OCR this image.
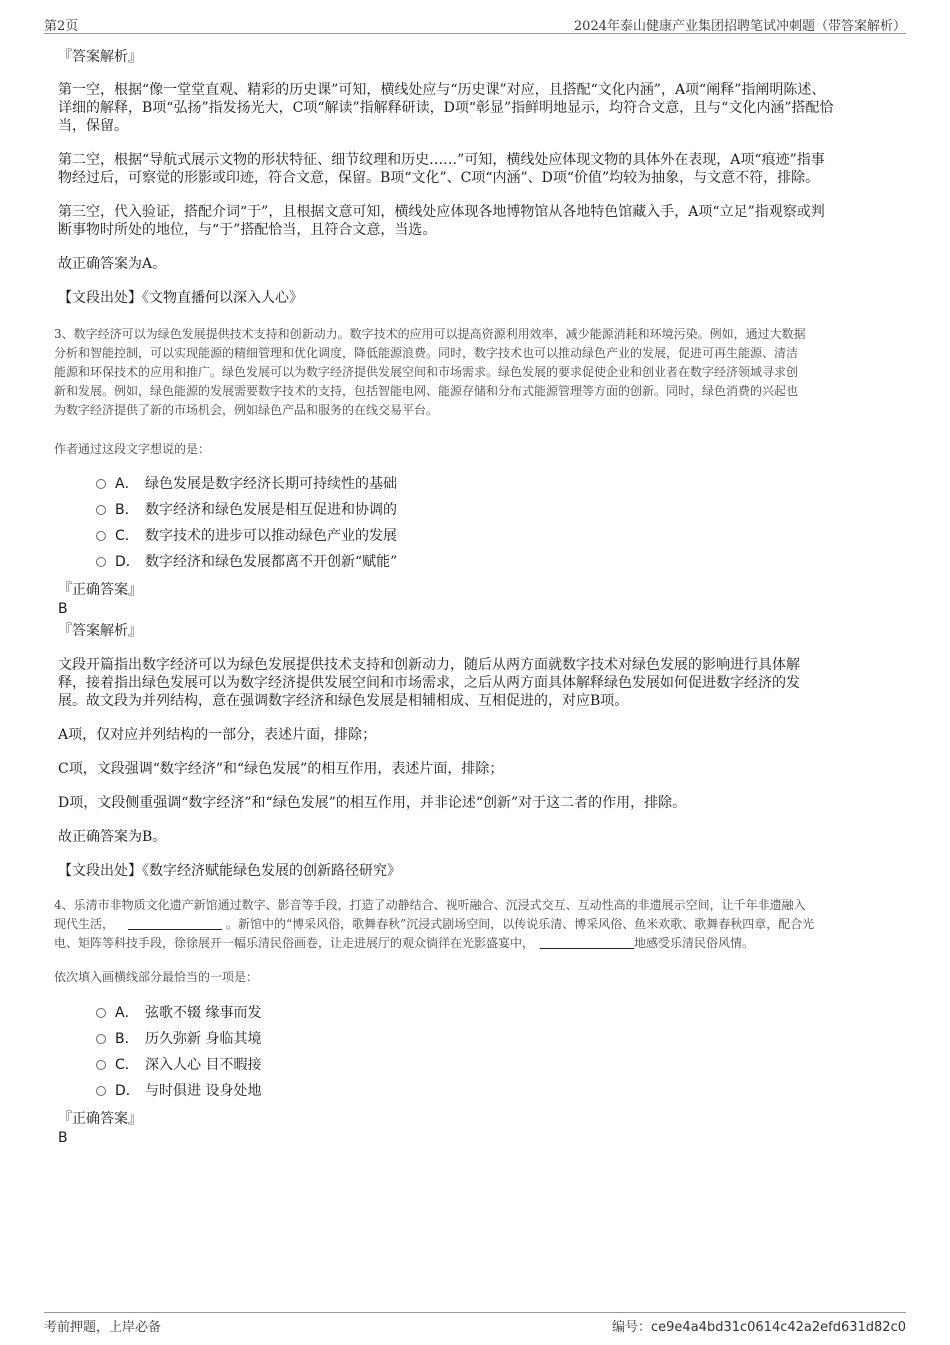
第2页	2024年泰山健康产业集团招聘笔试冲刺题（带答案解析）
『答案解析』
第一空，根据“像一堂堂直观、精彩的历史课”可知，横线处应与“历史课”对应，且搭配“文化内涵”，A项“阐释”指阐明陈述、
详细的解释，B项“弘扬”指发扬光大，C项“解读”指解释研读，D项“彰显”指鲜明地显示，均符合文意，且与“文化内涵”搭配恰
当，保留。
第二空，根据“导航式展示文物的形状特征、细节纹理和历史……”可知，横线处应体现文物的具体外在表现，A项“痕迹”指事
物经过后，可察觉的形影或印迹，符合文意，保留。B项“文化”、C项“内涵”、D项“价值”均较为抽象，与文意不符，排除。
第三空，代入验证，搭配介词“于”，且根据文意可知，横线处应体现各地博物馆从各地特色馆藏入手，A项“立足”指观察或判
断事物时所处的地位，与“于”搭配恰当，且符合文意，当选。
故正确答案为A。
【文段出处】《文物直播何以深入人心》
3、数字经济可以为绿色发展提供技术支持和创新动力。数字技术的应用可以提高资源利用效率，减少能源消耗和环境污染。例如，通过大数据
分析和智能控制，可以实现能源的精细管理和优化调度，降低能源浪费。同时，数字技术也可以推动绿色产业的发展，促进可再生能源、清洁
能源和环保技术的应用和推广。绿色发展可以为数字经济提供发展空间和市场需求。绿色发展的要求促使企业和创业者在数字经济领域寻求创
新和发展。例如，绿色能源的发展需要数字技术的支持，包括智能电网、能源存储和分布式能源管理等方面的创新。同时，绿色消费的兴起也
为数字经济提供了新的市场机会，例如绿色产品和服务的在线交易平台。
作者通过这段文字想说的是：
A． 绿色发展是数字经济长期可持续性的基础
B． 数字经济和绿色发展是相互促进和协调的
C． 数字技术的进步可以推动绿色产业的发展
D． 数字经济和绿色发展都离不开创新“赋能”
『正确答案』
B
『答案解析』
文段开篇指出数字经济可以为绿色发展提供技术支持和创新动力，随后从两方面就数字技术对绿色发展的影响进行具体解
释，接着指出绿色发展可以为数字经济提供发展空间和市场需求，之后从两方面具体解释绿色发展如何促进数字经济的发
展。故文段为并列结构，意在强调数字经济和绿色发展是相辅相成、互相促进的，对应B项。
A项，仅对应并列结构的一部分，表述片面，排除；
C项，文段强调“数字经济”和“绿色发展”的相互作用，表述片面，排除；
D项，文段侧重强调“数字经济”和“绿色发展”的相互作用，并非论述“创新”对于这二者的作用，排除。
故正确答案为B。
【文段出处】《数字经济赋能绿色发展的创新路径研究》
4、乐清市非物质文化遗产新馆通过数字、影音等手段，打造了动静结合、视听融合、沉浸式交互、互动性高的非遗展示空间，让千年非遗融入
现代生活，	。新馆中的“博采风俗，歌舞春秋”沉浸式剧场空间，以传说乐清、博采风俗、鱼米欢歌、歌舞春秋四章，配合光
电、矩阵等科技手段，徐徐展开一幅乐清民俗画卷，让走进展厅的观众徜徉在光影盛宴中，	地感受乐清民俗风情。
依次填入画横线部分最恰当的一项是：
A． 弦歌不辍 缘事而发
B． 历久弥新 身临其境
C． 深入人心 目不暇接
D． 与时俱进 设身处地
『正确答案』
B
考前押题，上岸必备	编号：ce9e4a4bd31c0614c42a2efd631d82c0
